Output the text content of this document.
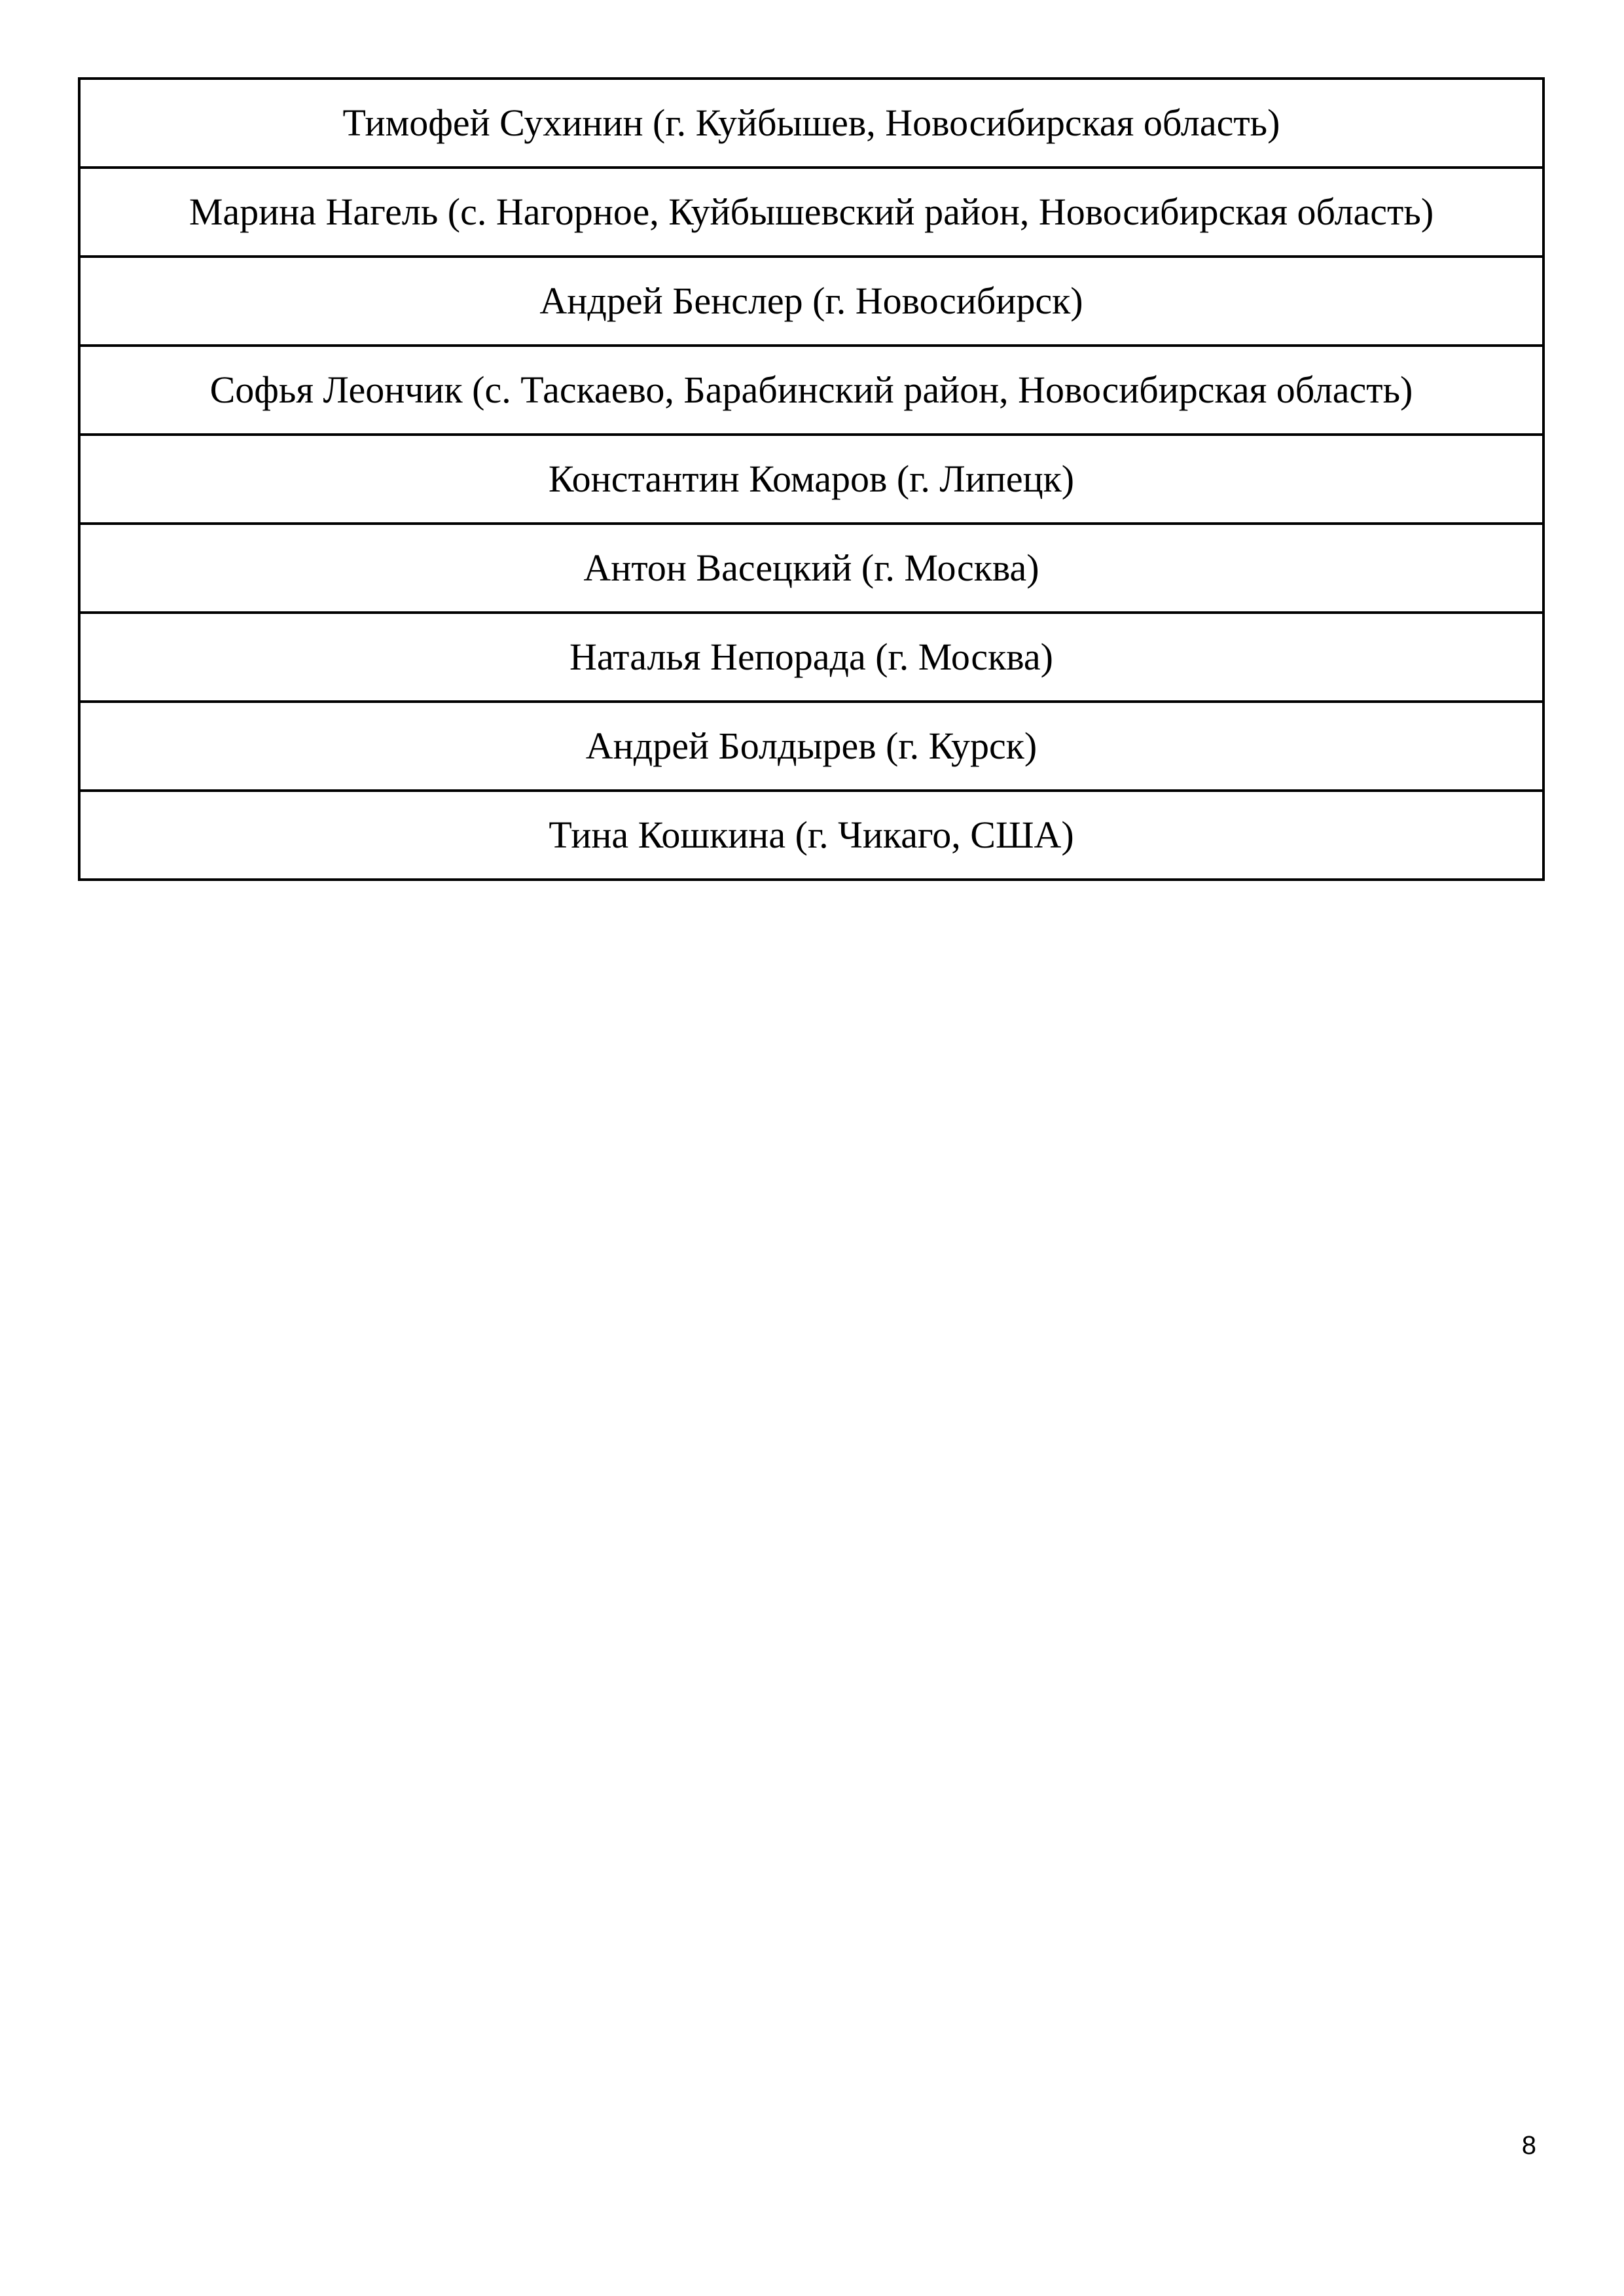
Тимофей Сухинин (г. Куйбышев, Новосибирская область)
Марина Нагель (с. Нагорное, Куйбышевский район, Новосибирская область)
Андрей Бенслер (г. Новосибирск)
Софья Леончик (с. Таскаево, Барабинский район, Новосибирская область)
Константин Комаров (г. Липецк)
Антон Васецкий (г. Москва)
Наталья Непорада (г. Москва)
Андрей Болдырев (г. Курск)
Тина Кошкина (г. Чикаго, США)
8
